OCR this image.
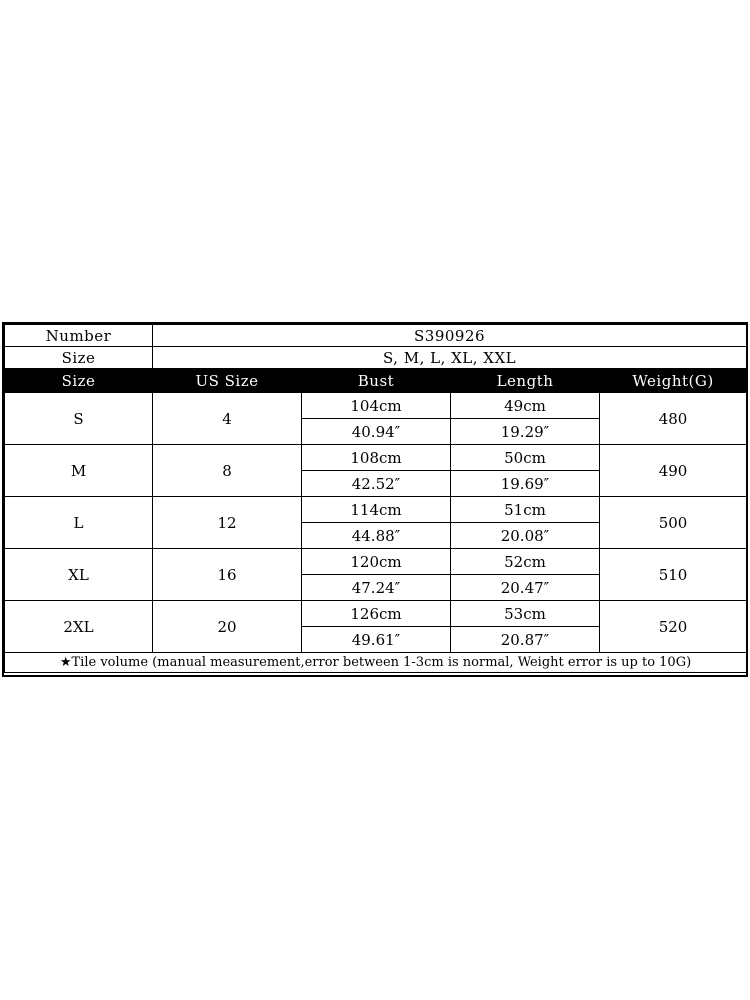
Number	S390926			
Size	S, M, L, XL, XXL			
Size	US Size	Bust	Length	Weight(G)
S	4	104cm	49cm	480
		40.94″	19.29″	
M	8	108cm	50cm	490
		42.52″	19.69″	
L	12	114cm	51cm	500
		44.88″	20.08″	
XL	16	120cm	52cm	510
		47.24″	20.47″	
2XL	20	126cm	53cm	520
		49.61″	20.87″	
★Tile volume (manual measurement,error between 1-3cm is normal, Weight error is up to 10G)				
